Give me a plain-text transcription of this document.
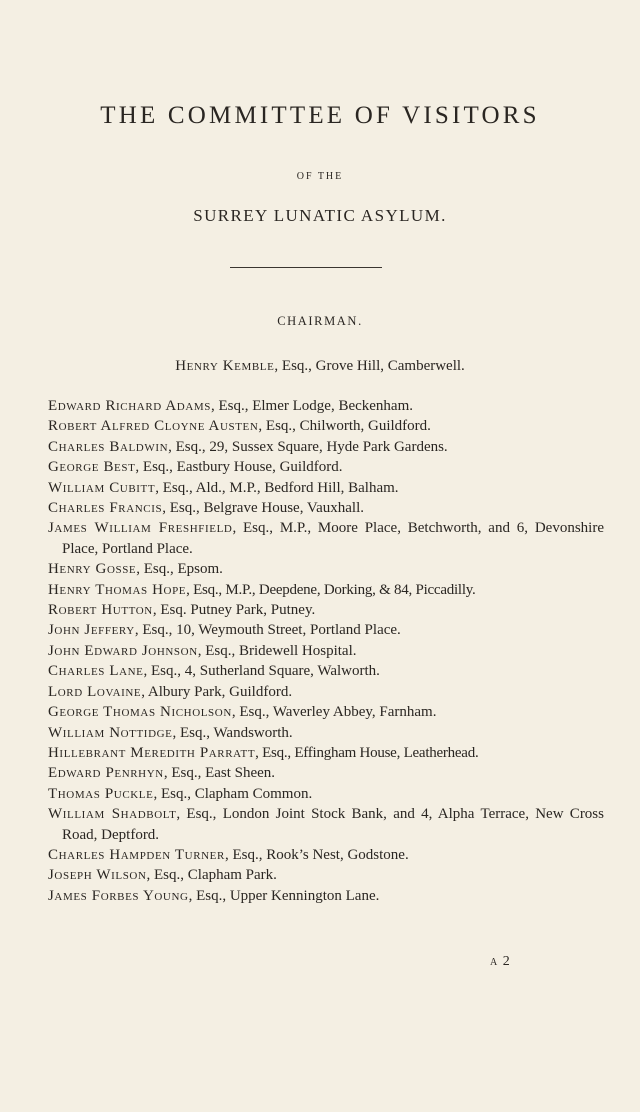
THE COMMITTEE OF VISITORS
OF THE
SURREY LUNATIC ASYLUM.
CHAIRMAN.
Henry Kemble, Esq., Grove Hill, Camberwell.
Edward Richard Adams, Esq., Elmer Lodge, Beckenham.
Robert Alfred Cloyne Austen, Esq., Chilworth, Guildford.
Charles Baldwin, Esq., 29, Sussex Square, Hyde Park Gardens.
George Best, Esq., Eastbury House, Guildford.
William Cubitt, Esq., Ald., M.P., Bedford Hill, Balham.
Charles Francis, Esq., Belgrave House, Vauxhall.
James William Freshfield, Esq., M.P., Moore Place, Betchworth, and 6, Devonshire Place, Portland Place.
Henry Gosse, Esq., Epsom.
Henry Thomas Hope, Esq., M.P., Deepdene, Dorking, & 84, Piccadilly.
Robert Hutton, Esq. Putney Park, Putney.
John Jeffery, Esq., 10, Weymouth Street, Portland Place.
John Edward Johnson, Esq., Bridewell Hospital.
Charles Lane, Esq., 4, Sutherland Square, Walworth.
Lord Lovaine, Albury Park, Guildford.
George Thomas Nicholson, Esq., Waverley Abbey, Farnham.
William Nottidge, Esq., Wandsworth.
Hillebrant Meredith Parratt, Esq., Effingham House, Leatherhead.
Edward Penrhyn, Esq., East Sheen.
Thomas Puckle, Esq., Clapham Common.
William Shadbolt, Esq., London Joint Stock Bank, and 4, Alpha Terrace, New Cross Road, Deptford.
Charles Hampden Turner, Esq., Rook’s Nest, Godstone.
Joseph Wilson, Esq., Clapham Park.
James Forbes Young, Esq., Upper Kennington Lane.
a 2
